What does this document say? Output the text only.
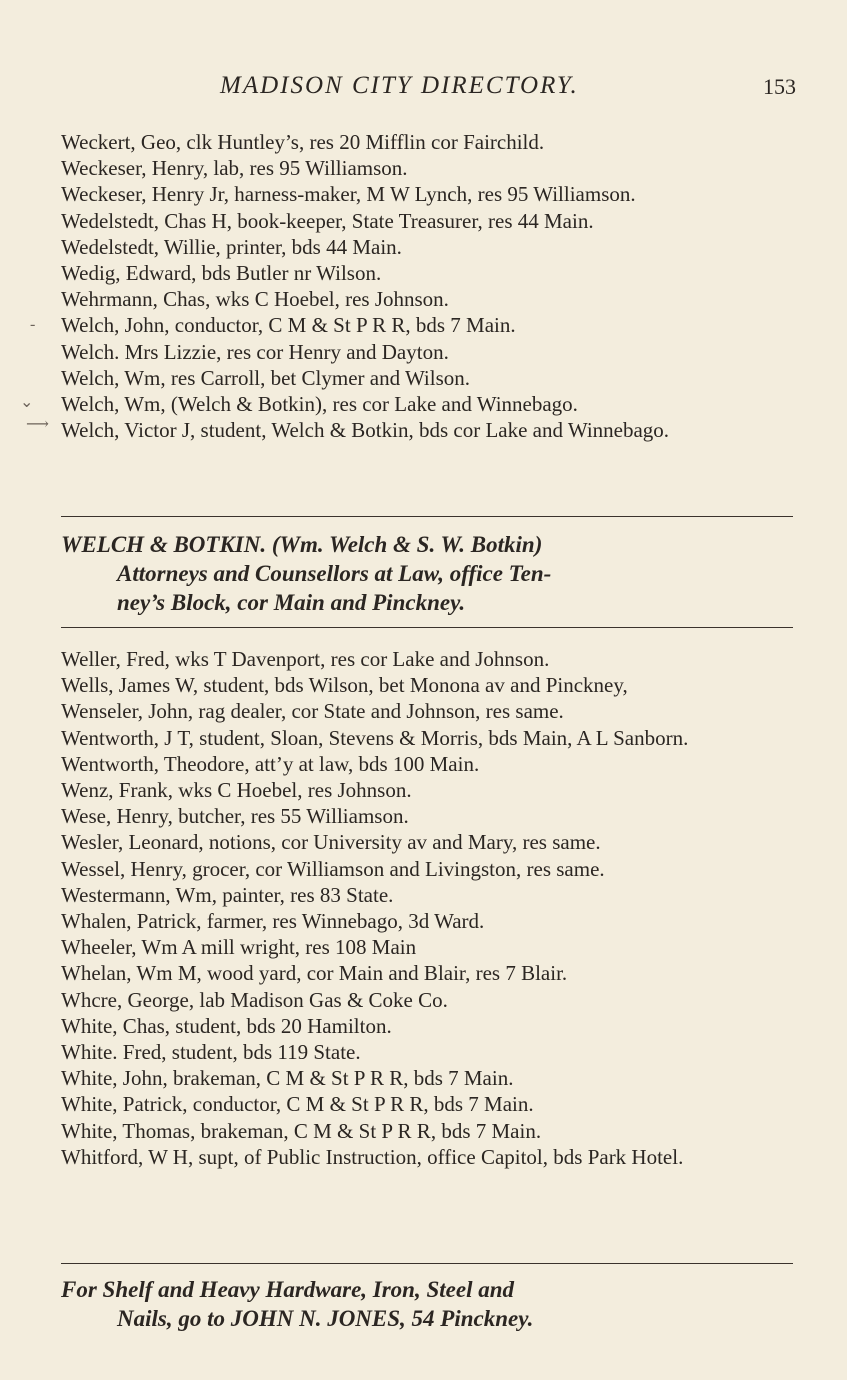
MADISON CITY DIRECTORY.	153
-
⌄
⟶

Weckert, Geo, clk Huntley’s, res 20 Mifflin cor Fairchild.

Weckeser, Henry, lab, res 95 Williamson.

Weckeser, Henry Jr, harness-maker, M W Lynch, res 95 Williamson.

Wedelstedt, Chas H, book-keeper, State Treasurer, res 44 Main.

Wedelstedt, Willie, printer, bds 44 Main.

Wedig, Edward, bds Butler nr Wilson.

Wehrmann, Chas, wks C Hoebel, res Johnson.

Welch, John, conductor, C M & St P R R, bds 7 Main.

Welch. Mrs Lizzie, res cor Henry and Dayton.

Welch, Wm, res Carroll, bet Clymer and Wilson.

Welch, Wm, (Welch & Botkin), res cor Lake and Winnebago.

Welch, Victor J, student, Welch & Botkin, bds cor Lake and Winnebago.

WELCH & BOTKIN. (Wm. Welch & S. W. Botkin)
Attorneys and Counsellors at Law, office Ten-
ney’s Block, cor Main and Pinckney.

Weller, Fred, wks T Davenport, res cor Lake and Johnson.

Wells, James W, student, bds Wilson, bet Monona av and Pinckney,

Wenseler, John, rag dealer, cor State and Johnson, res same.

Wentworth, J T, student, Sloan, Stevens & Morris, bds Main, A L Sanborn.

Wentworth, Theodore, att’y at law, bds 100 Main.

Wenz, Frank, wks C Hoebel, res Johnson.

Wese, Henry, butcher, res 55 Williamson.

Wesler, Leonard, notions, cor University av and Mary, res same.

Wessel, Henry, grocer, cor Williamson and Livingston, res same.

Westermann, Wm, painter, res 83 State.

Whalen, Patrick, farmer, res Winnebago, 3d Ward.

Wheeler, Wm A mill wright, res 108 Main

Whelan, Wm M, wood yard, cor Main and Blair, res 7 Blair.

Whcre, George, lab Madison Gas & Coke Co.

White, Chas, student, bds 20 Hamilton.

White. Fred, student, bds 119 State.

White, John, brakeman, C M & St P R R, bds 7 Main.

White, Patrick, conductor, C M & St P R R, bds 7 Main.

White, Thomas, brakeman, C M & St P R R, bds 7 Main.

Whitford, W H, supt, of Public Instruction, office Capitol, bds Park Hotel.

For Shelf and Heavy Hardware, Iron, Steel and
Nails, go to JOHN N. JONES, 54 Pinckney.
